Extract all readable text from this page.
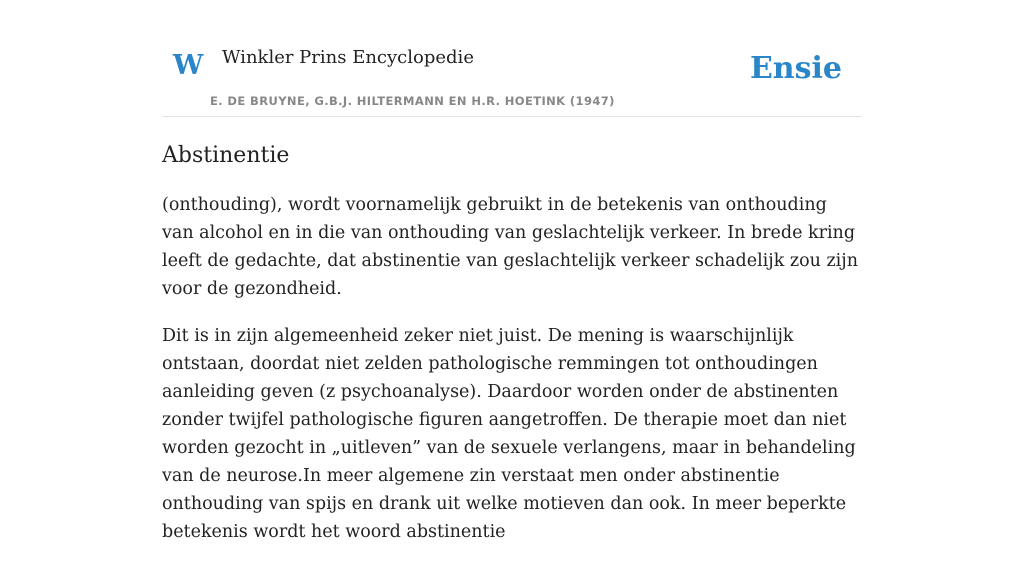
W Winkler Prins Encyclopedie
E. DE BRUYNE, G.B.J. HILTERMANN EN H.R. HOETINK (1947)
Ensie
Abstinentie

(onthouding), wordt voornamelijk gebruikt in de betekenis van onthouding van alcohol en in die van onthouding van geslachtelijk verkeer. In brede kring leeft de gedachte, dat abstinentie van geslachtelijk verkeer schadelijk zou zijn voor de gezondheid.

Dit is in zijn algemeenheid zeker niet juist. De mening is waarschijnlijk ontstaan, doordat niet zelden pathologische remmingen tot onthoudingen aanleiding geven (z psychoanalyse). Daardoor worden onder de abstinenten zonder twijfel pathologische figuren aangetroffen. De therapie moet dan niet worden gezocht in „uitleven” van de sexuele verlangens, maar in behandeling van de neurose.In meer algemene zin verstaat men onder abstinentie onthouding van spijs en drank uit welke motieven dan ook. In meer beperkte betekenis wordt het woord abstinentie
